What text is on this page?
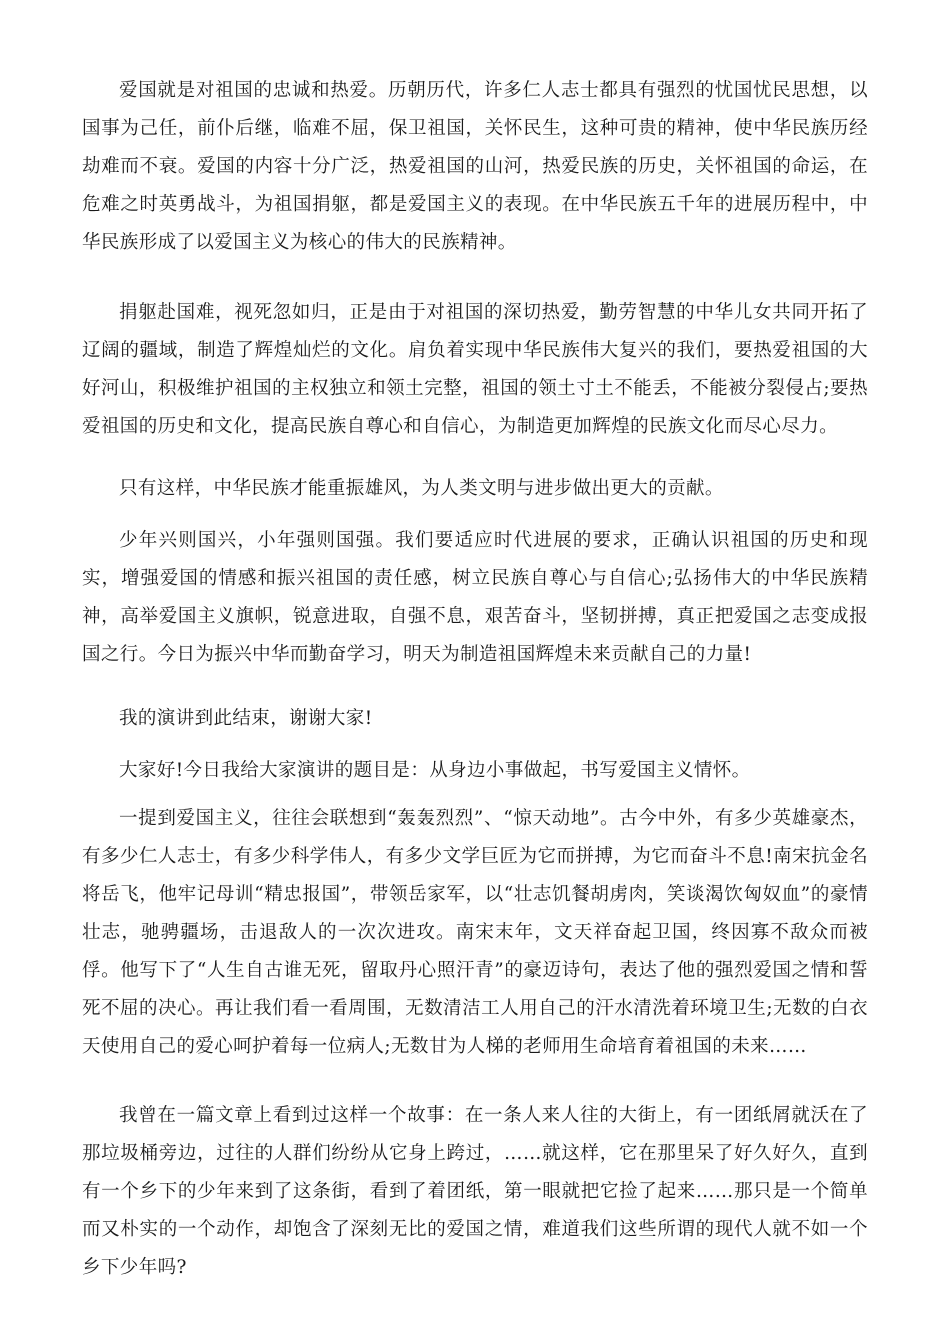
爱国就是对祖国的忠诚和热爱。历朝历代，许多仁人志士都具有强烈的忧国忧民思想，以国事为己任，前仆后继，临难不屈，保卫祖国，关怀民生，这种可贵的精神，使中华民族历经劫难而不衰。爱国的内容十分广泛，热爱祖国的山河，热爱民族的历史，关怀祖国的命运，在危难之时英勇战斗，为祖国捐躯，都是爱国主义的表现。在中华民族五千年的进展历程中，中华民族形成了以爱国主义为核心的伟大的民族精神。

捐躯赴国难，视死忽如归，正是由于对祖国的深切热爱，勤劳智慧的中华儿女共同开拓了辽阔的疆域，制造了辉煌灿烂的文化。肩负着实现中华民族伟大复兴的我们，要热爱祖国的大好河山，积极维护祖国的主权独立和领土完整，祖国的领土寸土不能丢，不能被分裂侵占;要热爱祖国的历史和文化，提高民族自尊心和自信心，为制造更加辉煌的民族文化而尽心尽力。

只有这样，中华民族才能重振雄风，为人类文明与进步做出更大的贡献。

少年兴则国兴，小年强则国强。我们要适应时代进展的要求，正确认识祖国的历史和现实，增强爱国的情感和振兴祖国的责任感，树立民族自尊心与自信心;弘扬伟大的中华民族精神，高举爱国主义旗帜，锐意进取，自强不息，艰苦奋斗，坚韧拼搏，真正把爱国之志变成报国之行。今日为振兴中华而勤奋学习，明天为制造祖国辉煌未来贡献自己的力量!

我的演讲到此结束，谢谢大家!

大家好!今日我给大家演讲的题目是：从身边小事做起，书写爱国主义情怀。

一提到爱国主义，往往会联想到“轰轰烈烈”、“惊天动地”。古今中外，有多少英雄豪杰，有多少仁人志士，有多少科学伟人，有多少文学巨匠为它而拼搏，为它而奋斗不息!南宋抗金名将岳飞，他牢记母训“精忠报国”，带领岳家军，以“壮志饥餐胡虏肉，笑谈渴饮匈奴血”的豪情壮志，驰骋疆场，击退敌人的一次次进攻。南宋末年，文天祥奋起卫国，终因寡不敌众而被俘。他写下了“人生自古谁无死，留取丹心照汗青”的豪迈诗句，表达了他的强烈爱国之情和誓死不屈的决心。再让我们看一看周围，无数清洁工人用自己的汗水清洗着环境卫生;无数的白衣天使用自己的爱心呵护着每一位病人;无数甘为人梯的老师用生命培育着祖国的未来……

我曾在一篇文章上看到过这样一个故事：在一条人来人往的大街上，有一团纸屑就沃在了那垃圾桶旁边，过往的人群们纷纷从它身上跨过，……就这样，它在那里呆了好久好久，直到有一个乡下的少年来到了这条街，看到了着团纸，第一眼就把它捡了起来……那只是一个简单而又朴实的一个动作，却饱含了深刻无比的爱国之情，难道我们这些所谓的现代人就不如一个乡下少年吗?
